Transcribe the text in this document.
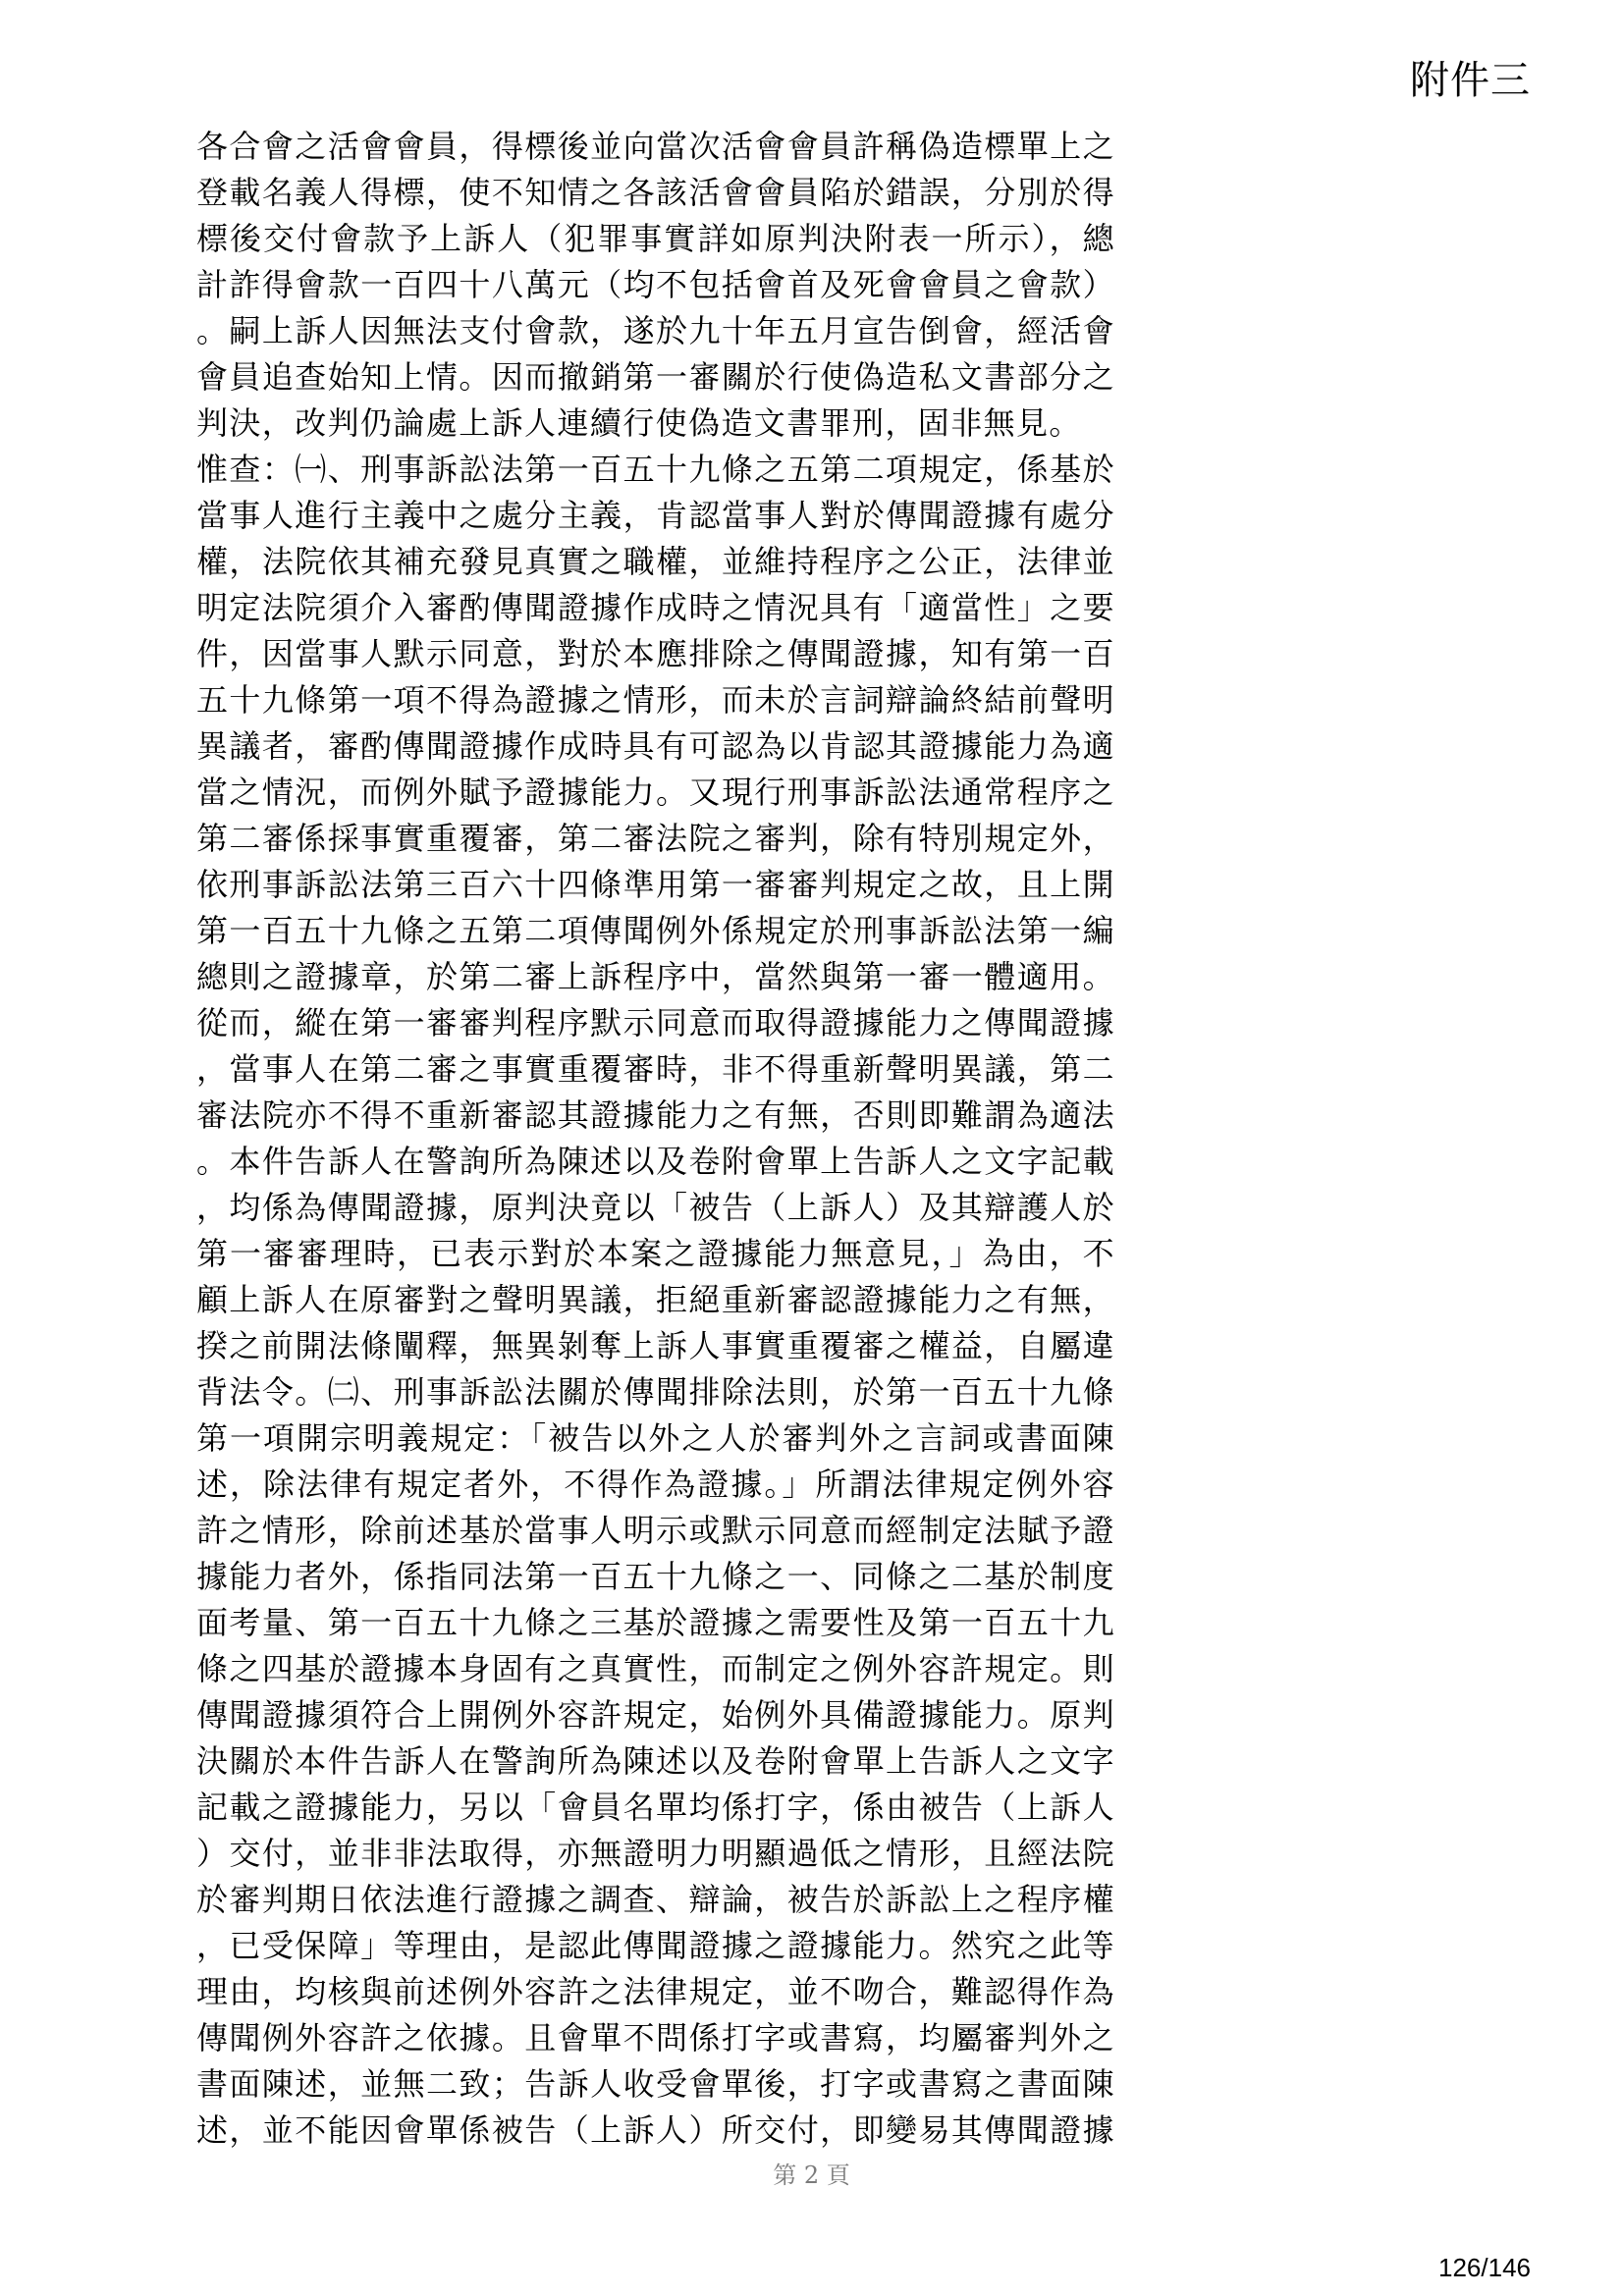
附件三
各合會之活會會員，得標後並向當次活會會員許稱偽造標單上之
登載名義人得標，使不知情之各該活會會員陷於錯誤，分別於得
標後交付會款予上訴人（犯罪事實詳如原判決附表一所示），總
計詐得會款一百四十八萬元（均不包括會首及死會會員之會款）
。嗣上訴人因無法支付會款，遂於九十年五月宣告倒會，經活會
會員追查始知上情。因而撤銷第一審關於行使偽造私文書部分之
判決，改判仍論處上訴人連續行使偽造文書罪刑，固非無見。
惟查：㈠、刑事訴訟法第一百五十九條之五第二項規定，係基於
當事人進行主義中之處分主義，肯認當事人對於傳聞證據有處分
權，法院依其補充發見真實之職權，並維持程序之公正，法律並
明定法院須介入審酌傳聞證據作成時之情況具有「適當性」之要
件，因當事人默示同意，對於本應排除之傳聞證據，知有第一百
五十九條第一項不得為證據之情形，而未於言詞辯論終結前聲明
異議者，審酌傳聞證據作成時具有可認為以肯認其證據能力為適
當之情況，而例外賦予證據能力。又現行刑事訴訟法通常程序之
第二審係採事實重覆審，第二審法院之審判，除有特別規定外，
依刑事訴訟法第三百六十四條準用第一審審判規定之故，且上開
第一百五十九條之五第二項傳聞例外係規定於刑事訴訟法第一編
總則之證據章，於第二審上訴程序中，當然與第一審一體適用。
從而，縱在第一審審判程序默示同意而取得證據能力之傳聞證據
，當事人在第二審之事實重覆審時，非不得重新聲明異議，第二
審法院亦不得不重新審認其證據能力之有無，否則即難謂為適法
。本件告訴人在警詢所為陳述以及卷附會單上告訴人之文字記載
，均係為傳聞證據，原判決竟以「被告（上訴人）及其辯護人於
第一審審理時，已表示對於本案之證據能力無意見，」為由，不
顧上訴人在原審對之聲明異議，拒絕重新審認證據能力之有無，
揆之前開法條闡釋，無異剝奪上訴人事實重覆審之權益，自屬違
背法令。㈡、刑事訴訟法關於傳聞排除法則，於第一百五十九條
第一項開宗明義規定：「被告以外之人於審判外之言詞或書面陳
述，除法律有規定者外，不得作為證據。」所謂法律規定例外容
許之情形，除前述基於當事人明示或默示同意而經制定法賦予證
據能力者外，係指同法第一百五十九條之一、同條之二基於制度
面考量、第一百五十九條之三基於證據之需要性及第一百五十九
條之四基於證據本身固有之真實性，而制定之例外容許規定。則
傳聞證據須符合上開例外容許規定，始例外具備證據能力。原判
決關於本件告訴人在警詢所為陳述以及卷附會單上告訴人之文字
記載之證據能力，另以「會員名單均係打字，係由被告（上訴人
）交付，並非非法取得，亦無證明力明顯過低之情形，且經法院
於審判期日依法進行證據之調查、辯論，被告於訴訟上之程序權
，已受保障」等理由，是認此傳聞證據之證據能力。然究之此等
理由，均核與前述例外容許之法律規定，並不吻合，難認得作為
傳聞例外容許之依據。且會單不問係打字或書寫，均屬審判外之
書面陳述，並無二致；告訴人收受會單後，打字或書寫之書面陳
述，並不能因會單係被告（上訴人）所交付，即變易其傳聞證據
第 2 頁
126/146
